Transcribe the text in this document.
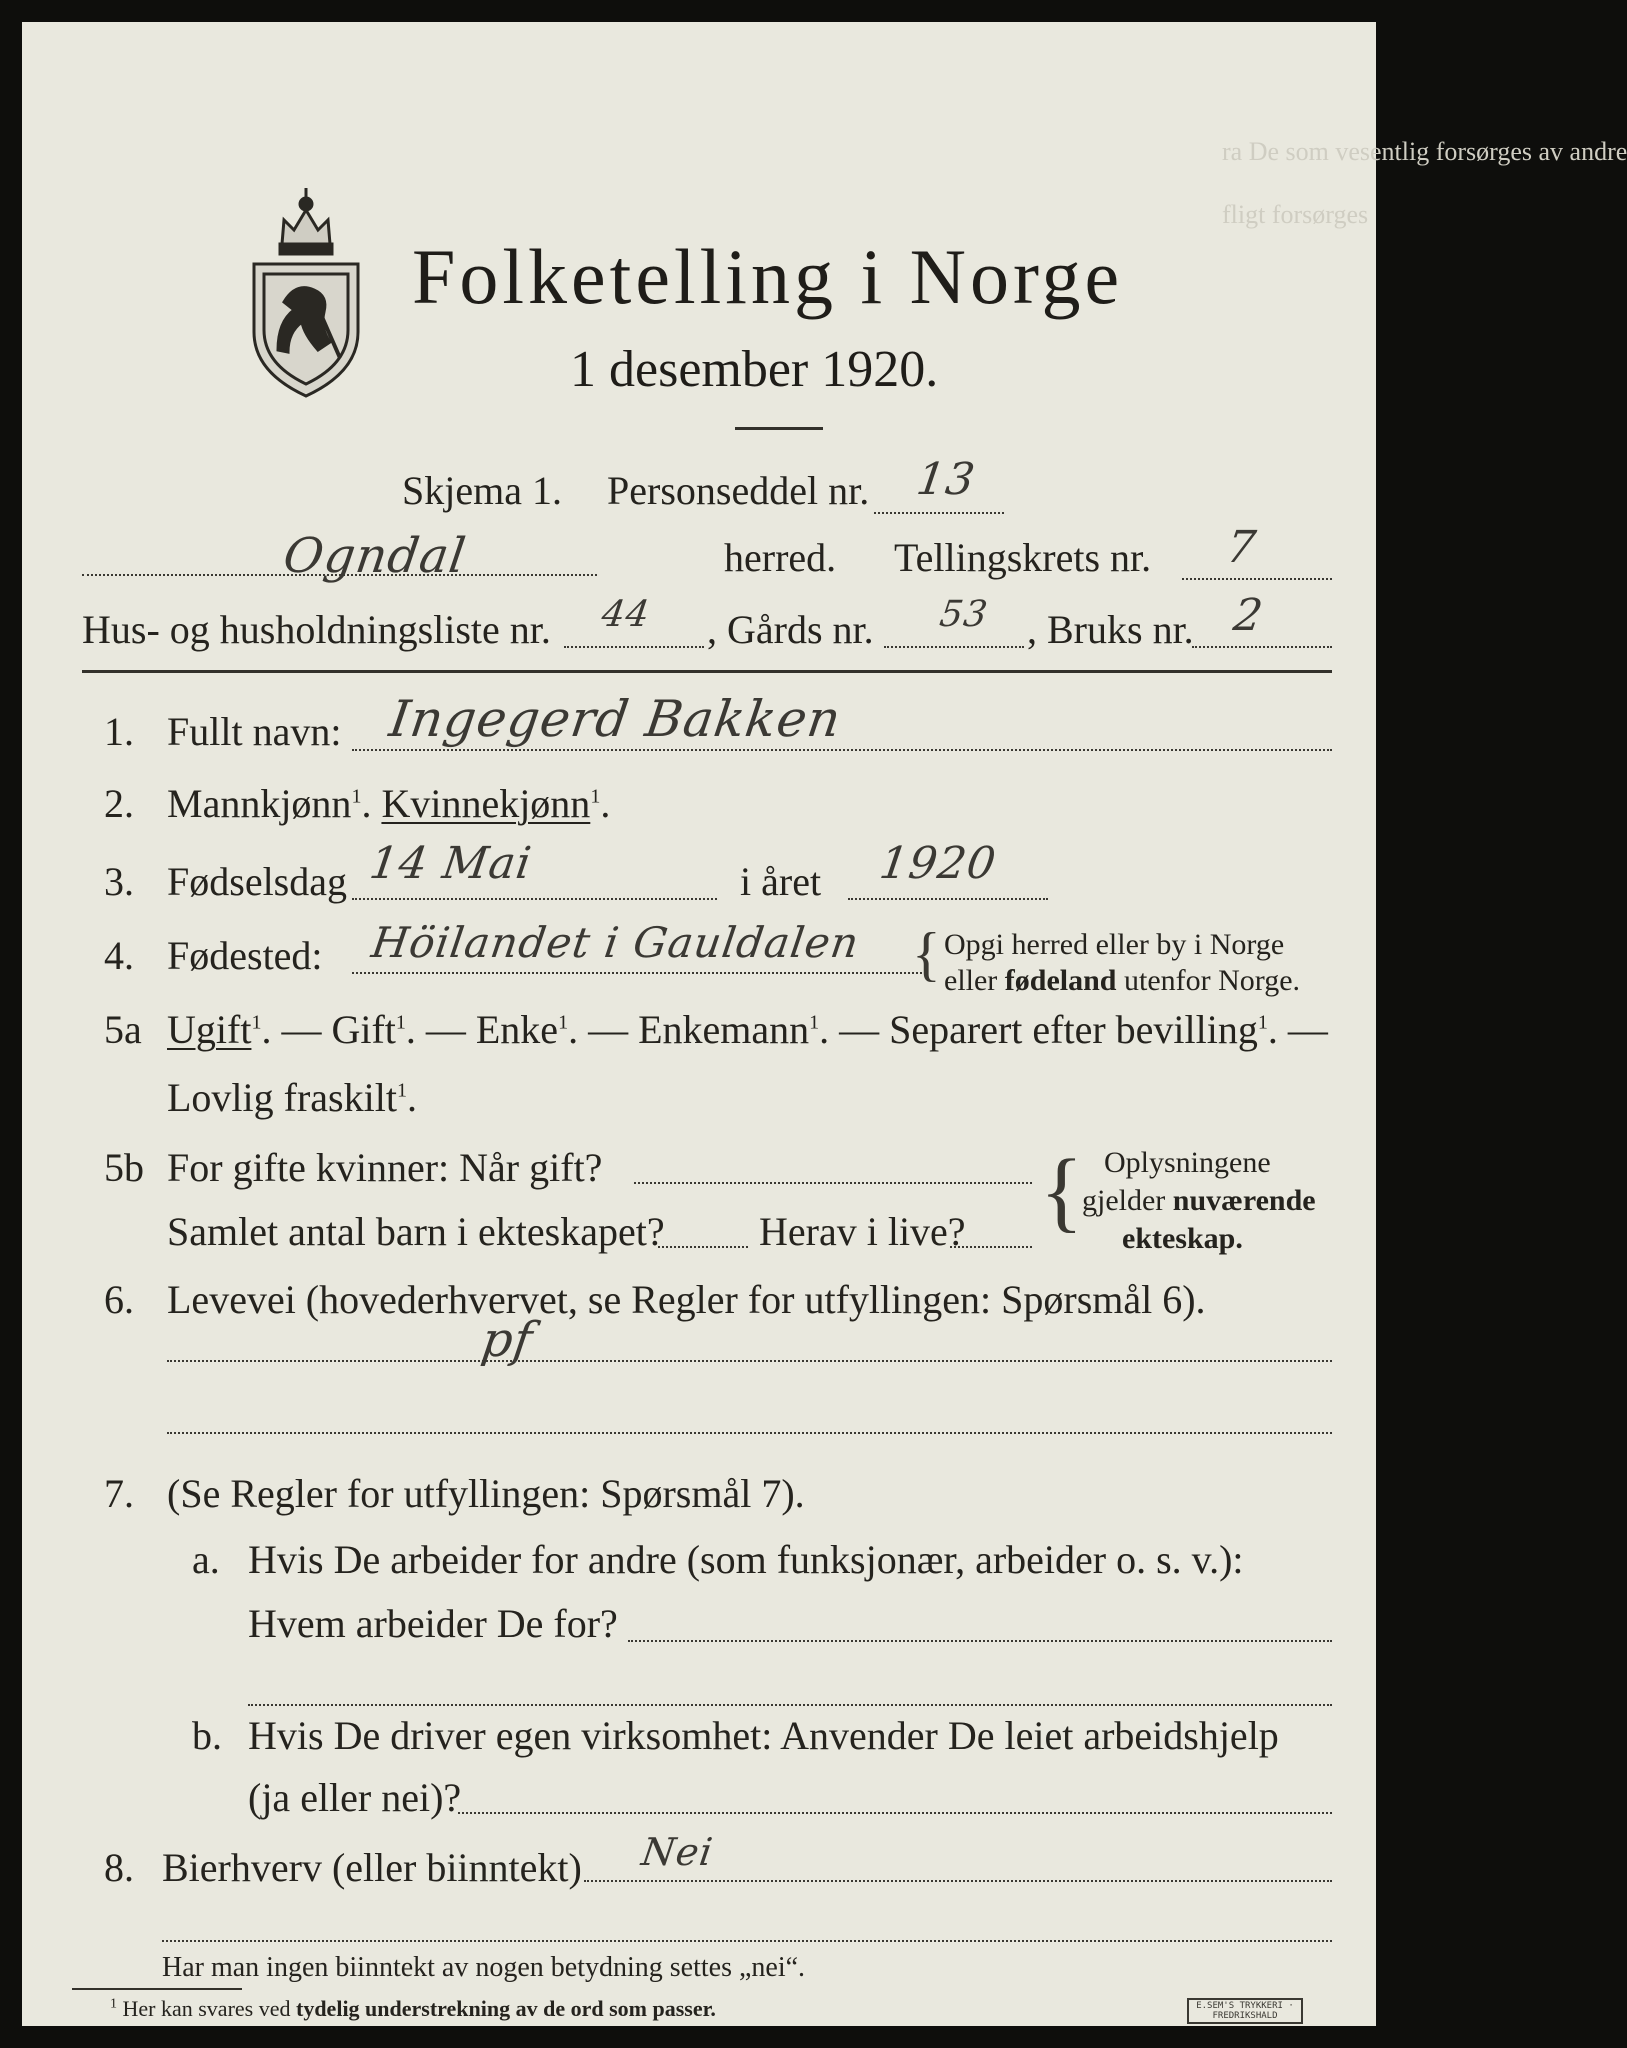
ra De som vesentlig forsørges av andre
fligt forsørges
Folketelling i Norge
1 desember 1920.
Skjema 1. Personseddel nr. 13
Ogndal	herred. Tellingskrets nr. 7
Hus- og husholdningsliste nr. 44 , Gårds nr. 53 , Bruks nr. 2
1. Fullt navn: Ingegerd Bakken
2. Mannkjønn$^1$. Kvinnekjønn$^1$.
3. Fødselsdag 14 Mai	i året 1920
4. Fødested: Höilandet i Gauldalen { Opgi herred eller by i Norge
eller fødeland utenfor Norge.
5a Ugift$^1$. — Gift$^1$. — Enke$^1$. — Enkemann$^1$. — Separert efter bevilling$^1$. —
Lovlig fraskilt$^1$.
5b For gifte kvinner: Når gift?
Samlet antal barn i ekteskapet? Herav i live? { Oplysningene
gjelder nuværende
ekteskap.
6. Levevei (hovederhvervet, se Regler for utfyllingen: Spørsmål 6).
pf
7. (Se Regler for utfyllingen: Spørsmål 7).
a. Hvis De arbeider for andre (som funksjonær, arbeider o. s. v.):
Hvem arbeider De for?
b. Hvis De driver egen virksomhet: Anvender De leiet arbeidshjelp
(ja eller nei)?
8. Bierhverv (eller biinntekt) Nei
Har man ingen biinntekt av nogen betydning settes „nei“.
$^1$ Her kan svares ved tydelig understrekning av de ord som passer.	E.SEM'S TRYKKERI · FREDRIKSHALD
